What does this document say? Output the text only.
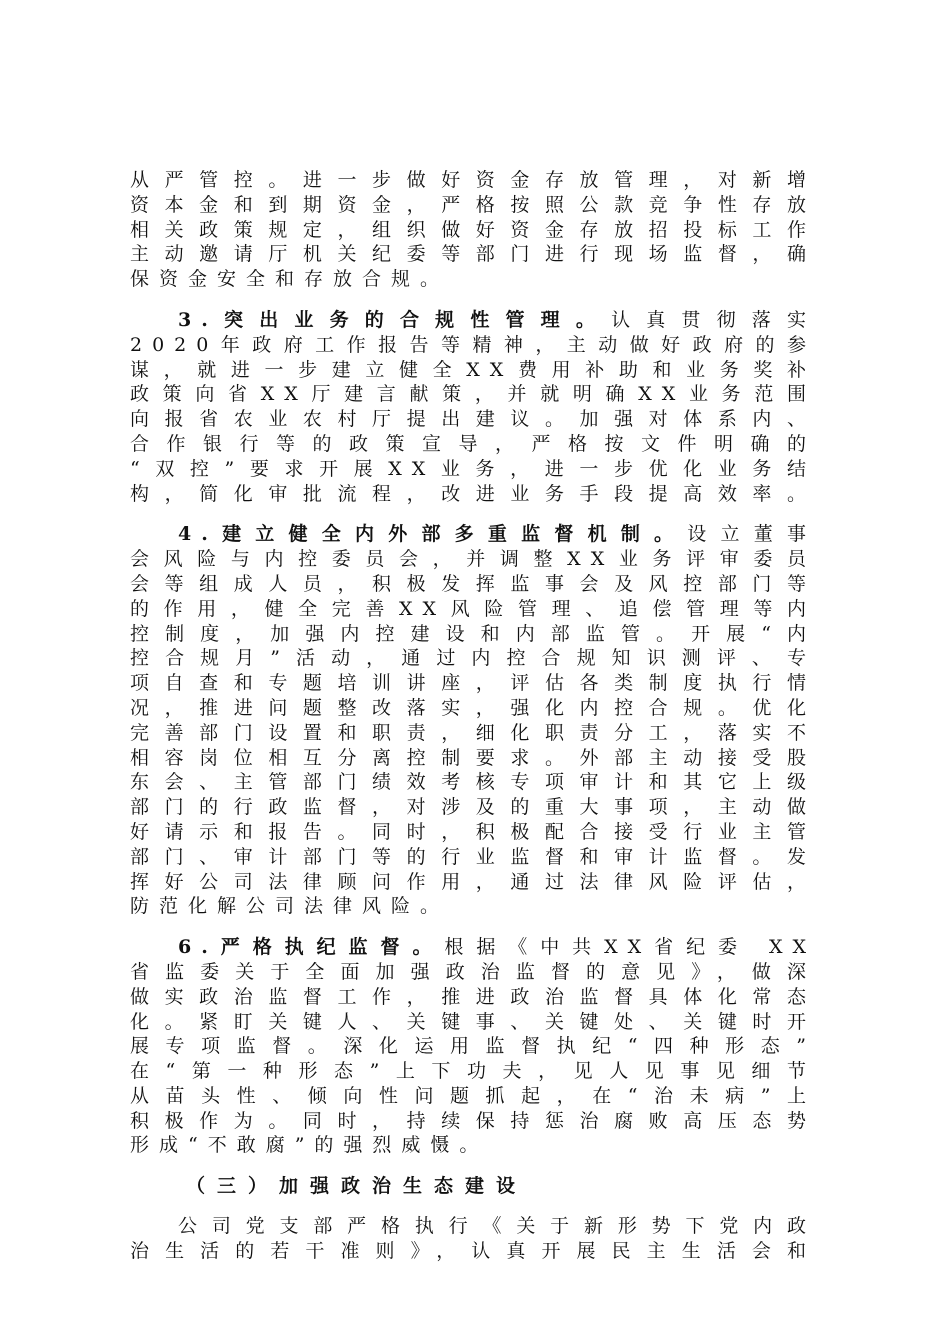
从严管控。进一步做好资金存放管理，对新增
资本金和到期资金，严格按照公款竞争性存放
相关政策规定，组织做好资金存放招投标工作
主动邀请厅机关纪委等部门进行现场监督，确
保资金安全和存放合规。
3.突出业务的合规性管理。认真贯彻落实
2020年政府工作报告等精神，主动做好政府的参
谋，就进一步建立健全XX费用补助和业务奖补
政策向省XX厅建言献策，并就明确XX业务范围
向报省农业农村厅提出建议。加强对体系内、
合作银行等的政策宣导，严格按文件明确的
“双控”要求开展XX业务，进一步优化业务结
构，简化审批流程，改进业务手段提高效率。
4.建立健全内外部多重监督机制。设立董事
会风险与内控委员会，并调整XX业务评审委员
会等组成人员，积极发挥监事会及风控部门等
的作用，健全完善XX风险管理、追偿管理等内
控制度，加强内控建设和内部监管。开展“内
控合规月”活动，通过内控合规知识测评、专
项自查和专题培训讲座，评估各类制度执行情
况，推进问题整改落实，强化内控合规。优化
完善部门设置和职责，细化职责分工，落实不
相容岗位相互分离控制要求。外部主动接受股
东会、主管部门绩效考核专项审计和其它上级
部门的行政监督，对涉及的重大事项，主动做
好请示和报告。同时，积极配合接受行业主管
部门、审计部门等的行业监督和审计监督。发
挥好公司法律顾问作用，通过法律风险评估，
防范化解公司法律风险。
6.严格执纪监督。根据《中共XX省纪委 XX
省监委关于全面加强政治监督的意见》，做深
做实政治监督工作，推进政治监督具体化常态
化。紧盯关键人、关键事、关键处、关键时开
展专项监督。深化运用监督执纪“四种形态”
在“第一种形态”上下功夫，见人见事见细节
从苗头性、倾向性问题抓起，在“治未病”上
积极作为。同时，持续保持惩治腐败高压态势
形成“不敢腐”的强烈威慑。
（三）加强政治生态建设
公司党支部严格执行《关于新形势下党内政
治生活的若干准则》，认真开展民主生活会和
